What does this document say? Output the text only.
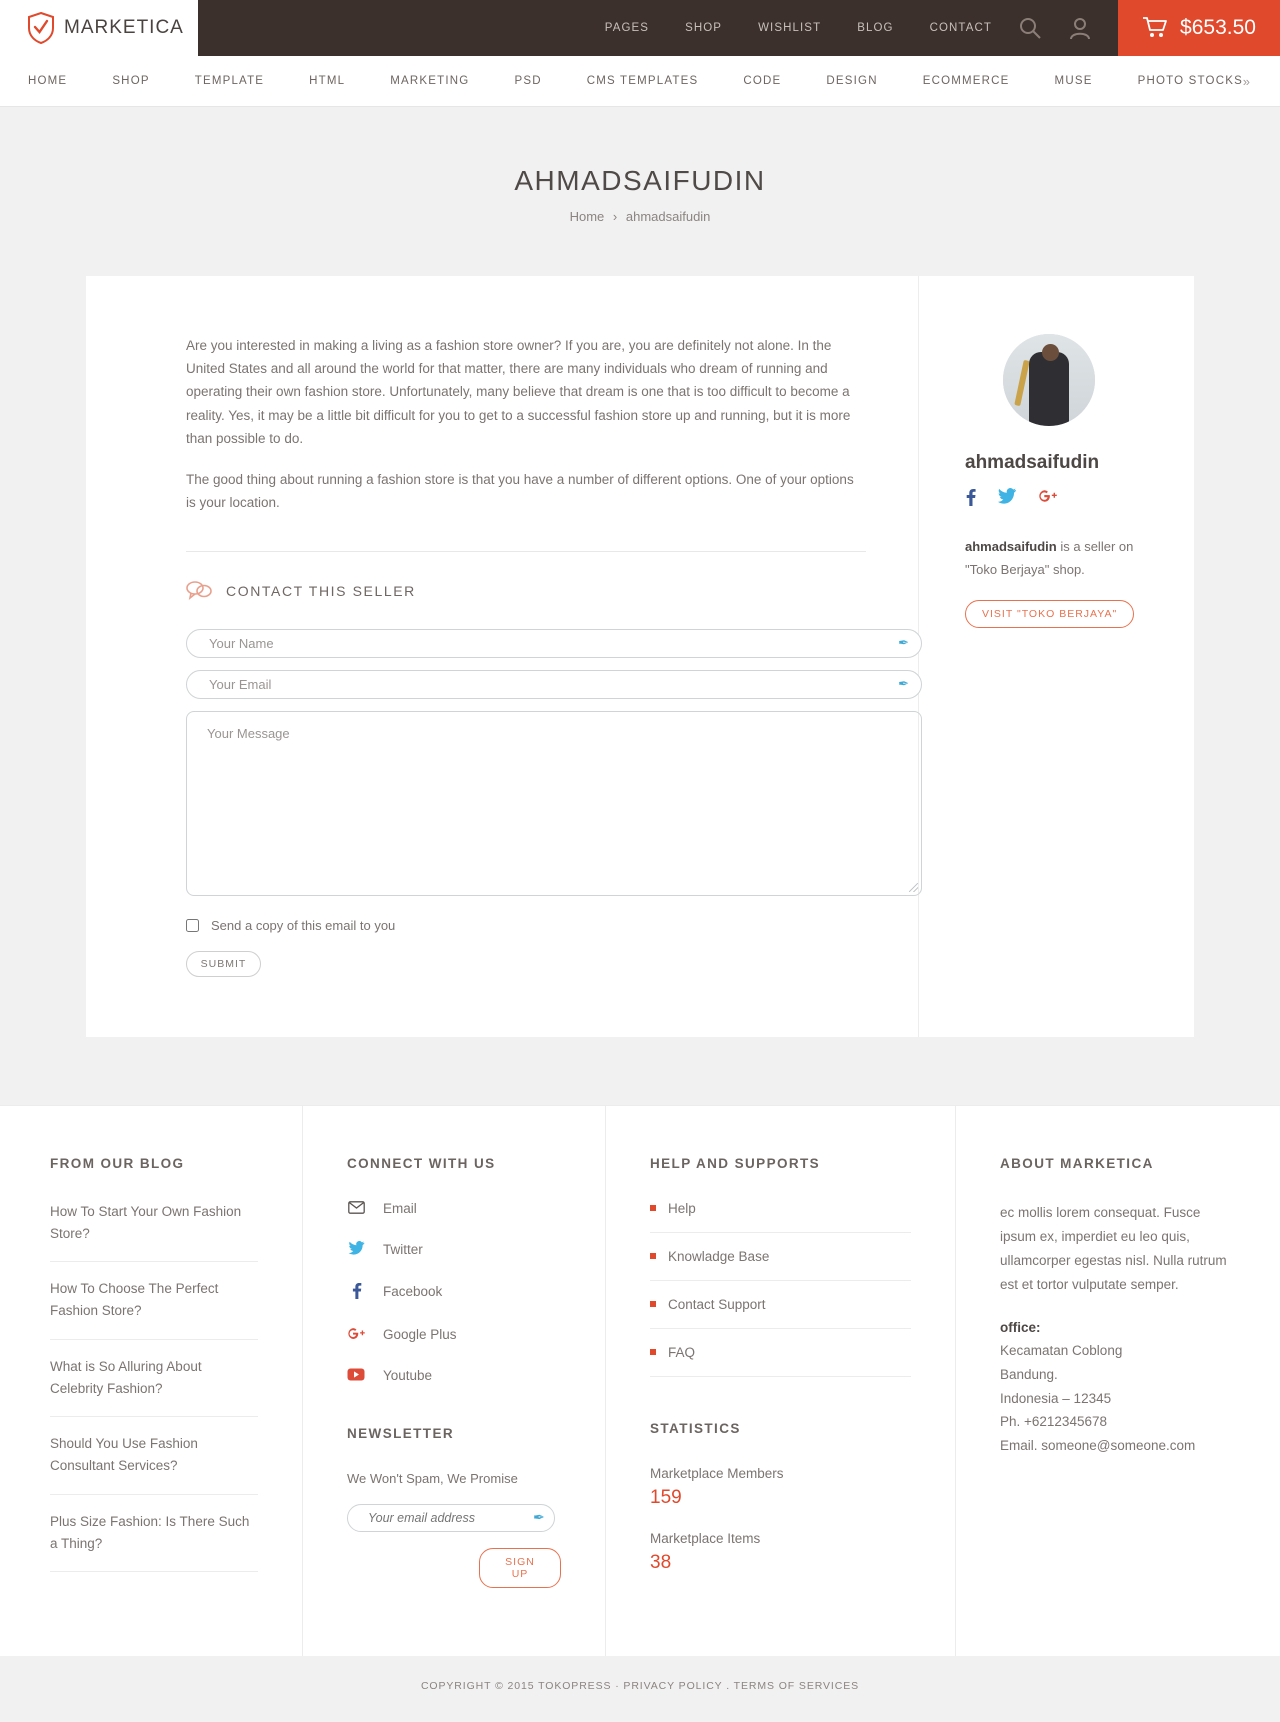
MARKETICA	PAGES	SHOP	WISHLIST	BLOG	CONTACT	$653.50
HOME	SHOP	TEMPLATE	HTML	MARKETING	PSD	CMS TEMPLATES	CODE	DESIGN	ECOMMERCE	MUSE	PHOTO STOCKS »
AHMADSAIFUDIN
Home › ahmadsaifudin

Are you interested in making a living as a fashion store owner? If you are, you are definitely not alone. In the United States and all around the world for that matter, there are many individuals who dream of running and operating their own fashion store. Unfortunately, many believe that dream is one that is too difficult to become a reality. Yes, it may be a little bit difficult for you to get to a successful fashion store up and running, but it is more than possible to do.

The good thing about running a fashion store is that you have a number of different options. One of your options is your location.

CONTACT THIS SELLER
Your Name
✒
Your Email
✒
Your Message
Send a copy of this email to you
SUBMIT
ahmadsaifudin

ahmadsaifudin is a seller on "Toko Berjaya" shop.

VISIT "TOKO BERJAYA"
FROM OUR BLOG
How To Start Your Own Fashion Store?
How To Choose The Perfect Fashion Store?
What is So Alluring About Celebrity Fashion?
Should You Use Fashion Consultant Services?
Plus Size Fashion: Is There Such a Thing?
CONNECT WITH US
Email
Twitter
Facebook
Google Plus
Youtube
NEWSLETTER

We Won't Spam, We Promise

Your email address
✒
SIGN UP
HELP AND SUPPORTS
Help
Knowladge Base
Contact Support
FAQ
STATISTICS

Marketplace Members

159

Marketplace Items

38

ABOUT MARKETICA

ec mollis lorem consequat. Fusce ipsum ex, imperdiet eu leo quis, ullamcorper egestas nisl. Nulla rutrum est et tortor vulputate semper.

office:
Kecamatan Coblong
Bandung.
Indonesia – 12345
Ph. +6212345678
Email. someone@someone.com
COPYRIGHT © 2015 TOKOPRESS · PRIVACY POLICY . TERMS OF SERVICES
